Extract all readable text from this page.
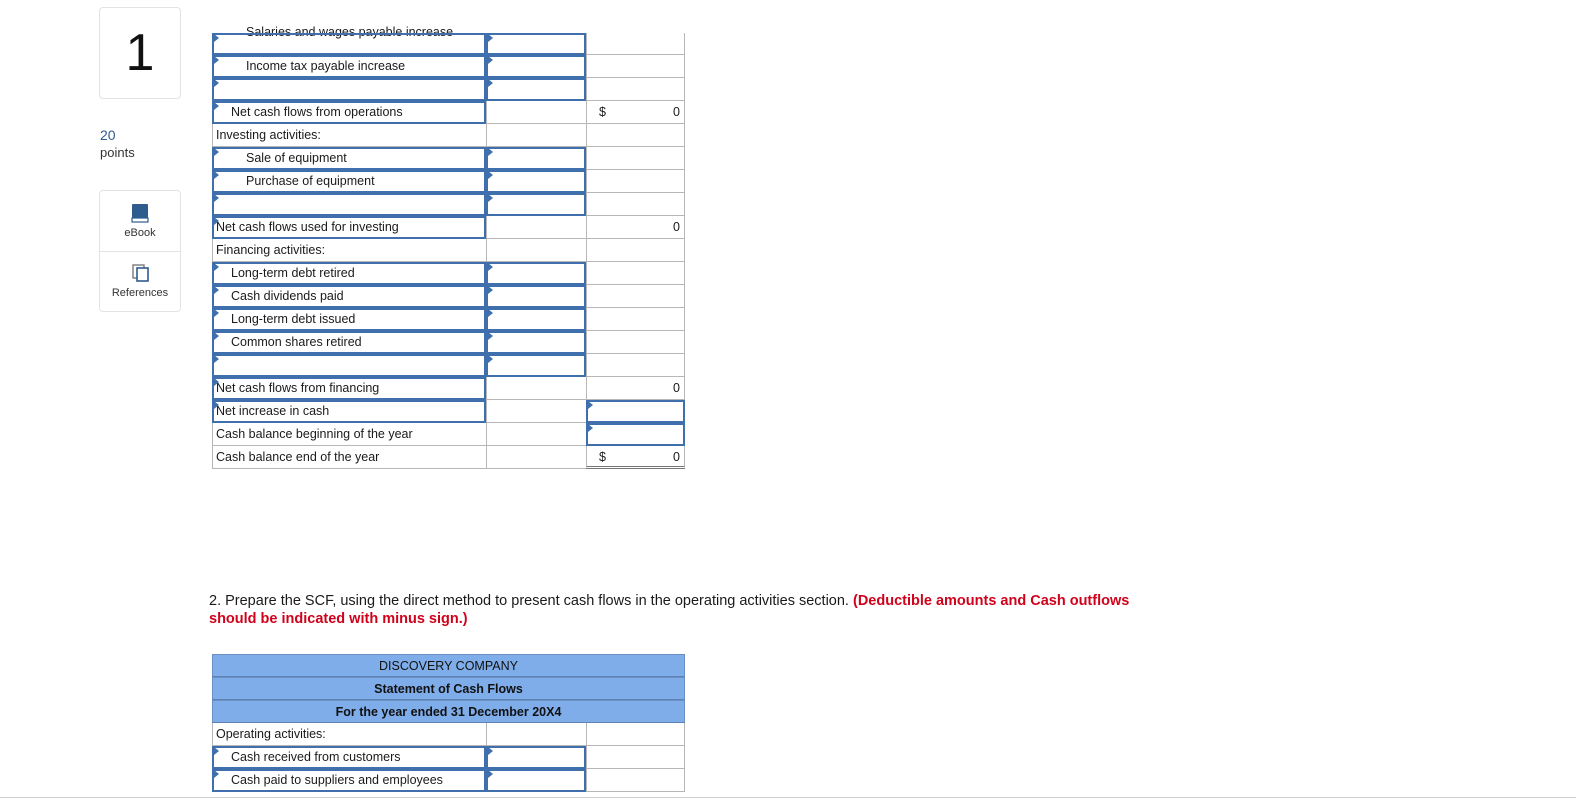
1
20
points
eBook
References
Salaries and wages payable increase
Income tax payable increase
Net cash flows from operations	$	0
Investing activities:
Sale of equipment
Purchase of equipment
Net cash flows used for investing	0
Financing activities:
Long-term debt retired
Cash dividends paid
Long-term debt issued
Common shares retired
Net cash flows from financing	0
Net increase in cash
Cash balance beginning of the year
Cash balance end of the year	$	0
2. Prepare the SCF, using the direct method to present cash flows in the operating activities section. (Deductible amounts and Cash outflows should be indicated with minus sign.)
DISCOVERY COMPANY
Statement of Cash Flows
For the year ended 31 December 20X4
Operating activities:
Cash received from customers
Cash paid to suppliers and employees
